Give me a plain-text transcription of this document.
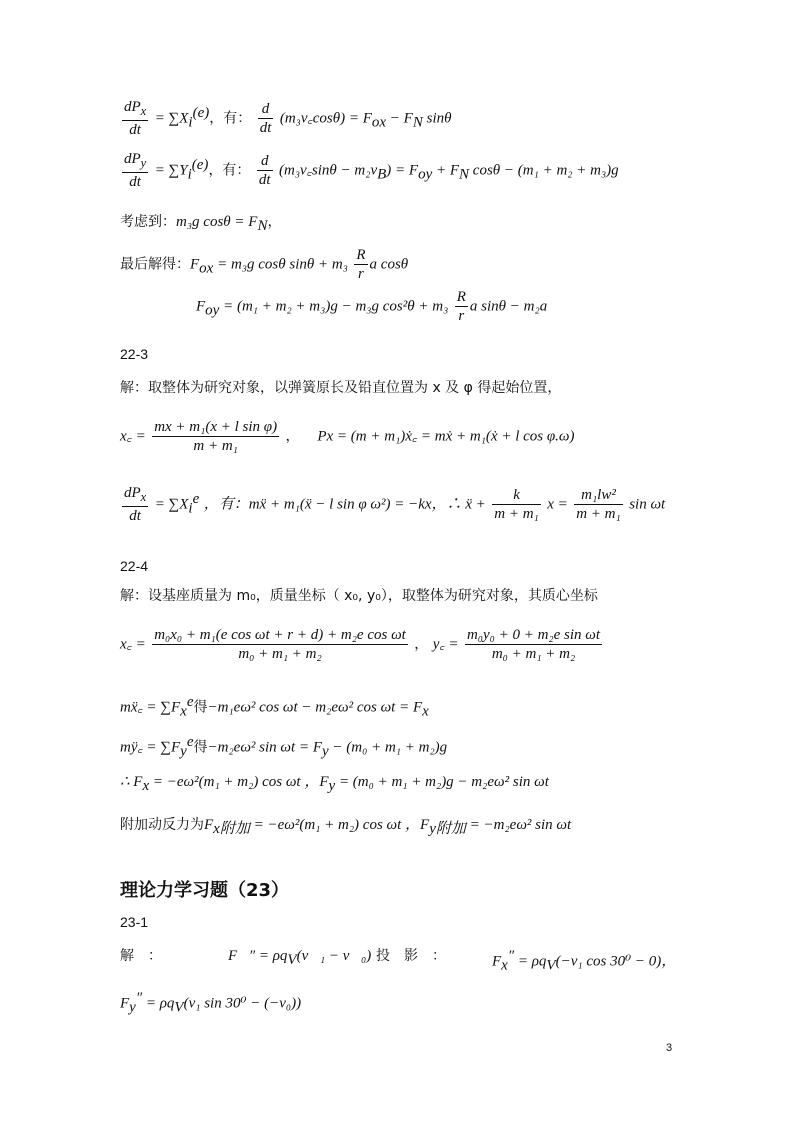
$\frac{dP_x}{dt} = \sum X_i^{(e)}$，有： $\frac{d}{dt}$ (m₃v꜀cosθ) = $F_{ox} - F_N$ sinθ
$\frac{dP_y}{dt} = \sum Y_i^{(e)}$，有： $\frac{d}{dt}$ (m₃v꜀sinθ − $m_2v_B) = F_{oy} + F_N$ cosθ − (m₁ + m₂ + m₃)g
考虑到：m₃g $\cos\theta = F_N$，
最后解得：$F_{ox} = m_3g$ cosθ $\sin\theta + m_3 \frac{R}{r}$ a cosθ
$F_{oy} = (m_1 + m_2 + m_3)g - m_3g$ $\cos^2\theta + m_3 \frac{R}{r}$ a sinθ − m₂a
22-3
解：取整体为研究对象，以弹簧原长及铅直位置为 x 及 φ 得起始位置，
x꜀ = $\frac{\text{mx + m₁(x + l sin φ)}}{\text{m + m₁}}$ ， Px = (m + m₁)ẋ꜀ = mẋ + m₁(ẋ + l cos φ.ω)
$\frac{dP_x}{dt} = \sum X_i^e$ ，有：mẍ + m₁(ẍ − l sin φ ω²) = −kx，∴ ẍ + $\frac{k}{\text{m + m₁}}$ $x = \frac{\text{m₁lw²}}{\text{m + m₁}}$ sin ωt
22-4
解：设基座质量为 m₀，质量坐标（ x₀, y₀），取整体为研究对象，其质心坐标
x꜀ = $\frac{\text{m₀x₀ + m₁(e cos ωt + r + d) + m₂e cos ωt}}{\text{m₀ + m₁ + m₂}}$ ， y꜀ = $\frac{\text{m₀y₀ + 0 + m₂e sin ωt}}{\text{m₀ + m₁ + m₂}}$
mẍ꜀ = $\sum F_x^e$得−m₁eω² cos ωt − m₂eω² $\cos \omega t = F_x$
mÿ꜀ = $\sum F_y^e$得−m₂eω² $\sin \omega t = F_y - (m_0 + m_1 + m_2)g$
∴ $F_x = -e\omega^2(m_1 + m_2)$ cos ωt ，$F_y = (m_0 + m_1 + m_2)g - m_2e\omega^2$ sin ωt
附加动反力为$F_{x附加} = -e\omega^2(m_1 + m_2)$ cos ωt ，$F_{y附加} = -m_2e\omega^2$ sin ωt
理论力学习题（23）
23-1
解　：	F⃗″ = $\rho q_V(v⃗_1$ − v⃗₀)，
投　影　：	$F_x'' = \rho q_V(-v_1$ cos 30⁰ − 0)，
$F_y'' = \rho q_V(v_1$ sin 30⁰ − (−v₀))
3
